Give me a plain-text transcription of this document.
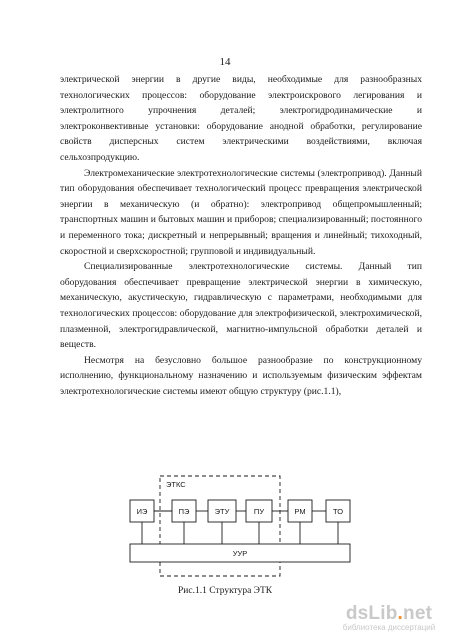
14

электрической энергии в другие виды, необходимые для разнообразных технологических процессов: оборудование электроискрового легирования и электролитного упрочнения деталей; электрогидродинамические и электроконвективные установки: оборудование анодной обработки, регулирование свойств дисперсных систем электрическими воздействиями, включая сельхозпродукцию.

Электромеханические электротехнологические системы (электропривод). Данный тип оборудования обеспечивает технологический процесс превращения электрической энергии в механическую (и обратно): электропривод общепромышленный; транспортных машин и бытовых машин и приборов; специализированный; постоянного и переменного тока; дискретный и непрерывный; вращения и линейный; тихоходный, скоростной и сверхскоростной; групповой и индивидуальный.

Специализированные электротехнологические системы. Данный тип оборудования обеспечивает превращение электрической энергии в химическую, механическую, акустическую, гидравлическую с параметрами, необходимыми для технологических процессов: оборудование для электрофизической, электрохимической, плазменной, электрогидравлической, магнитно-импульсной обработки деталей и веществ.

Несмотря на безусловно большое разнообразие по конструкционному исполнению, функциональному назначению и используемым физическим эффектам электротехнологические системы имеют общую структуру (рис.1.1),

ЭТКС
ИЭ	ПЭ	ЭТУ	ПУ	РМ	ТО
УУР
Рис.1.1 Структура ЭТК
dsLib.net
библиотека диссертаций
